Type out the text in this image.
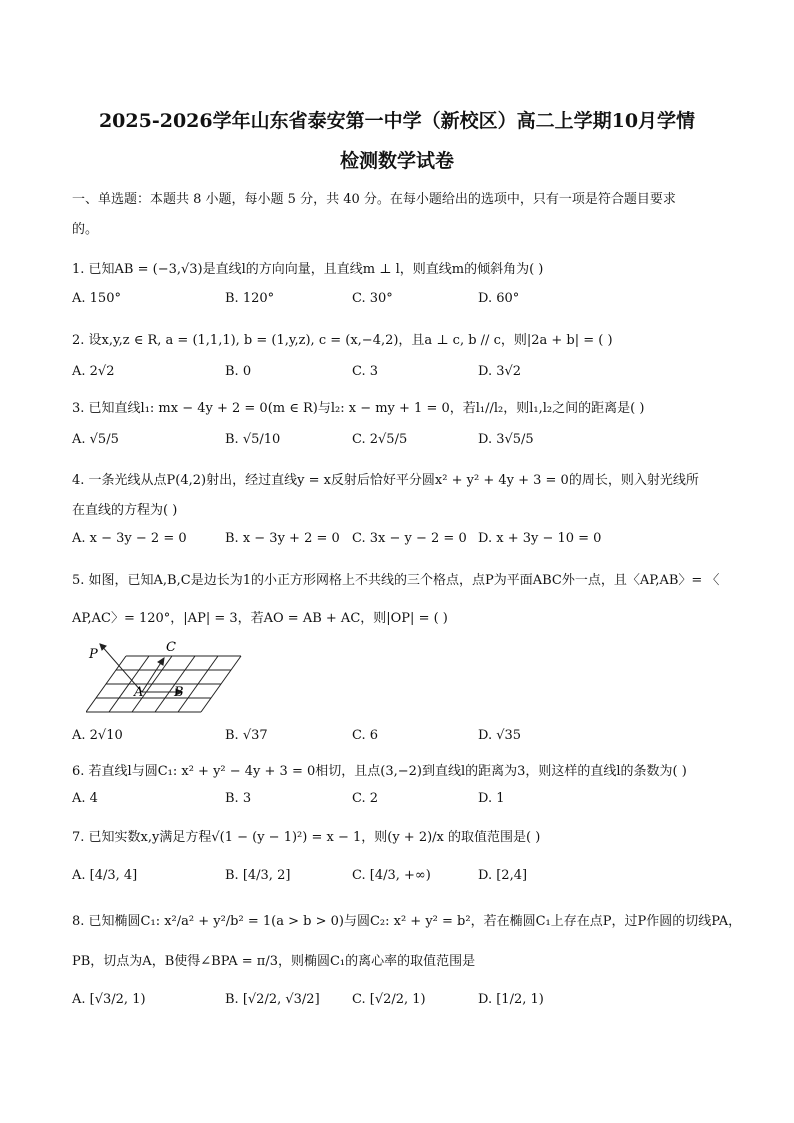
2025-2026学年山东省泰安第一中学（新校区）高二上学期10月学情
检测数学试卷
一、单选题：本题共 8 小题，每小题 5 分，共 40 分。在每小题给出的选项中，只有一项是符合题目要求
的。
1. 已知AB = (−3,√3)是直线l的方向向量，且直线m ⊥ l，则直线m的倾斜角为( )
A. 150°	B. 120°	C. 30°	D. 60°
2. 设x,y,z ∈ R, a = (1,1,1), b = (1,y,z), c = (x,−4,2)，且a ⊥ c, b // c，则|2a + b| = ( )
A. 2√2	B. 0	C. 3	D. 3√2
3. 已知直线l₁: mx − 4y + 2 = 0(m ∈ R)与l₂: x − my + 1 = 0，若l₁//l₂，则l₁,l₂之间的距离是( )
A. √5/5	B. √5/10	C. 2√5/5	D. 3√5/5
4. 一条光线从点P(4,2)射出，经过直线y = x反射后恰好平分圆x² + y² + 4y + 3 = 0的周长，则入射光线所
在直线的方程为( )
A. x − 3y − 2 = 0	B. x − 3y + 2 = 0 C. 3x − y − 2 = 0 D. x + 3y − 10 = 0
5. 如图，已知A,B,C是边长为1的小正方形网格上不共线的三个格点，点P为平面ABC外一点，且〈AP,AB〉= 〈
AP,AC〉= 120°，|AP| = 3，若AO = AB + AC，则|OP| = ( )
P	C
A B
A. 2√10	B. √37	C. 6	D. √35
6. 若直线l与圆C₁: x² + y² − 4y + 3 = 0相切，且点(3,−2)到直线l的距离为3，则这样的直线l的条数为( )
A. 4	B. 3	C. 2	D. 1
7. 已知实数x,y满足方程√(1 − (y − 1)²) = x − 1，则(y + 2)/x 的取值范围是( )
A. [4/3, 4]	B. [4/3, 2]	C. [4/3, +∞)	D. [2,4]
8. 已知椭圆C₁: x²/a² + y²/b² = 1(a > b > 0)与圆C₂: x² + y² = b²，若在椭圆C₁上存在点P，过P作圆的切线PA，
PB，切点为A，B使得∠BPA = π/3，则椭圆C₁的离心率的取值范围是
A. [√3/2, 1)	B. [√2/2, √3/2] C. [√2/2, 1)	D. [1/2, 1)
